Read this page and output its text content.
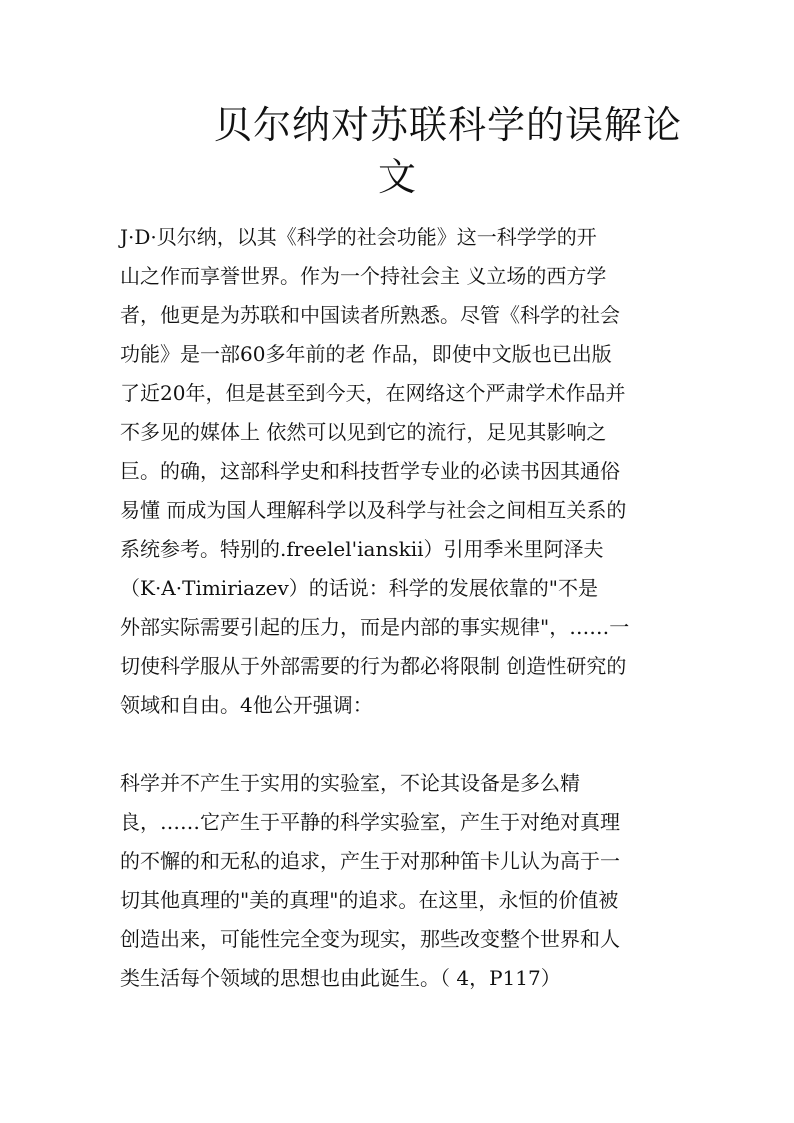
贝尔纳对苏联科学的误解论
文
J·D·贝尔纳，以其《科学的社会功能》这一科学学的开
山之作而享誉世界。作为一个持社会主 义立场的西方学
者，他更是为苏联和中国读者所熟悉。尽管《科学的社会
功能》是一部60多年前的老 作品，即使中文版也已出版
了近20年，但是甚至到今天，在网络这个严肃学术作品并
不多见的媒体上 依然可以见到它的流行，足见其影响之
巨。的确，这部科学史和科技哲学专业的必读书因其通俗
易懂 而成为国人理解科学以及科学与社会之间相互关系的
系统参考。特别的.freelel'ianskii）引用季米里阿泽夫
（K·A·Timiriazev）的话说：科学的发展依靠的"不是
外部实际需要引起的压力，而是内部的事实规律"，……一
切使科学服从于外部需要的行为都必将限制 创造性研究的
领域和自由。4他公开强调：
科学并不产生于实用的实验室，不论其设备是多么精
良，……它产生于平静的科学实验室，产生于对绝对真理
的不懈的和无私的追求，产生于对那种笛卡儿认为高于一
切其他真理的"美的真理"的追求。在这里，永恒的价值被
创造出来，可能性完全变为现实，那些改变整个世界和人
类生活每个领域的思想也由此诞生。（ 4，P117）
